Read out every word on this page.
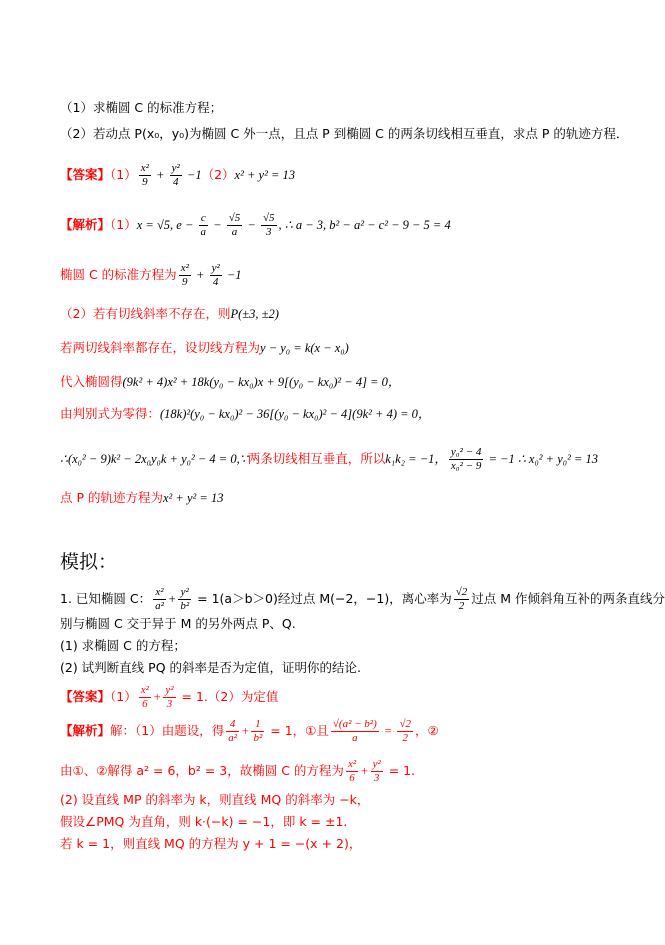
（1）求椭圆 C 的标准方程；
（2）若动点 P(x₀，y₀)为椭圆 C 外一点，且点 P 到椭圆 C 的两条切线相互垂直，求点 P 的轨迹方程．
【答案】$(1) \frac{\text{x²}}{9} + \frac{\text{y²}}{4} -1(2)x^2 + y^2 = 13$
【解析】（1）x = √5, $e - \frac{c}{a} - \frac{√5}{a} - \frac{√5}{3}$ , ∴ a − 3, b² − a² − c² − 9 − 5 = 4
椭圆 C 的标准方程为 $\frac{\text{x²}}{9} + \frac{\text{y²}}{4} -1$
（2）若有切线斜率不存在，则P(±3, ±2)
若两切线斜率都存在，设切线方程为y − y₀ = k(x − x₀)
代入椭圆得(9k² + 4)x² + 18k(y₀ − kx₀)x + 9[(y₀ − kx₀)² − 4] = 0，
由判别式为零得：(18k)²(y₀ − kx₀)² − 36[(y₀ − kx₀)² − 4](9k² + 4) = 0，
∴(x₀² − 9)k² − 2x₀y₀k + y₀² − 4 = 0,∵两条切线相互垂直，所以k₁k₂ = −1， $\frac{\text{y₀² − 4}}{\text{x₀² − 9}} = -1$ ∴ x₀² + y₀² = 13
点 P 的轨迹方程为x² + y² = 13
模拟：
1. 已知椭圆 C： $\frac{\text{x²}}{\text{a²}} + \frac{\text{y²}}{\text{b²}} = 1(a>b>0)$经过点 M(−2，−1)，离心率为 $\frac{√2}{2}$ 过点 M 作倾斜角互补的两条直线分
别与椭圆 C 交于异于 M 的另外两点 P、Q.
(1) 求椭圆 C 的方程；
(2) 试判断直线 PQ 的斜率是否为定值，证明你的结论.
【答案】$(1) \frac{\text{x²}}{6} + \frac{\text{y²}}{3} = 1.(2)$为定值
【解析】解：（1）由题设，得 $\frac{4}{\text{a²}} + \frac{1}{\text{b²}} = 1$，①且 $\frac{\text{√(a² − b²)}}{a} = \frac{√2}{2}$ ，②
由①、②解得 a² = 6，b² = 3，故椭圆 C 的方程为 $\frac{\text{x²}}{6} + \frac{\text{y²}}{3} = 1$.
(2) 设直线 MP 的斜率为 k，则直线 MQ 的斜率为 −k，
假设∠PMQ 为直角，则 k·(−k) = −1，即 k = ±1.
若 k = 1，则直线 MQ 的方程为 y + 1 = −(x + 2)，
